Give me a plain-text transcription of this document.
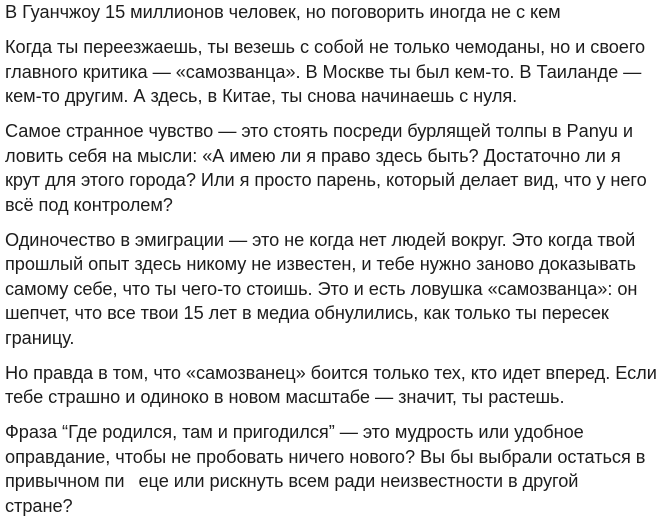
В Гуанчжоу 15 миллионов человек, но поговорить иногда не с кем
Когда ты переезжаешь, ты везешь с собой не только чемоданы, но и своего
главного критика — «самозванца». В Москве ты был кем-то. В Таиланде —
кем-то другим. А здесь, в Китае, ты снова начинаешь с нуля.
Самое странное чувство — это стоять посреди бурлящей толпы в Panyu и
ловить себя на мысли: «А имею ли я право здесь быть? Достаточно ли я
крут для этого города? Или я просто парень, который делает вид, что у него
всё под контролем?
Одиночество в эмиграции — это не когда нет людей вокруг. Это когда твой
прошлый опыт здесь никому не известен, и тебе нужно заново доказывать
самому себе, что ты чего-то стоишь. Это и есть ловушка «самозванца»: он
шепчет, что все твои 15 лет в медиа обнулились, как только ты пересек
границу.
Но правда в том, что «самозванец» боится только тех, кто идет вперед. Если
тебе страшно и одиноко в новом масштабе — значит, ты растешь.
Фраза “Где родился, там и пригодился” — это мудрость или удобное
оправдание, чтобы не пробовать ничего нового? Вы бы выбрали остаться в
привычном пи еце или рискнуть всем ради неизвестности в другой
стране?
